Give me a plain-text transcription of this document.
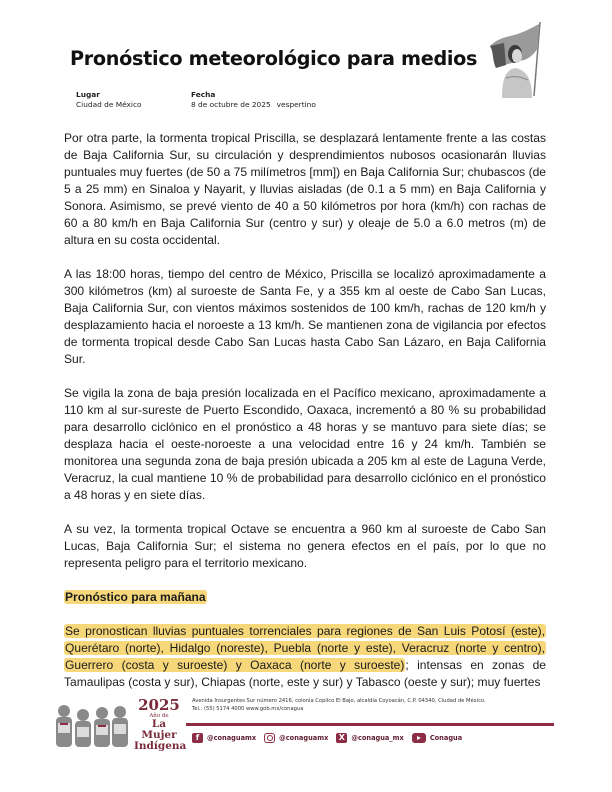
Pronóstico meteorológico para medios
Lugar
Ciudad de México
Fecha
8 de octubre de 2025 vespertino

Por otra parte, la tormenta tropical Priscilla, se desplazará lentamente frente a las costas de Baja California Sur, su circulación y desprendimientos nubosos ocasionarán lluvias puntuales muy fuertes (de 50 a 75 milímetros [mm]) en Baja California Sur; chubascos (de 5 a 25 mm) en Sinaloa y Nayarit, y lluvias aisladas (de 0.1 a 5 mm) en Baja California y Sonora. Asimismo, se prevé viento de 40 a 50 kilómetros por hora (km/h) con rachas de 60 a 80 km/h en Baja California Sur (centro y sur) y oleaje de 5.0 a 6.0 metros (m) de altura en su costa occidental.

A las 18:00 horas, tiempo del centro de México, Priscilla se localizó aproximadamente a 300 kilómetros (km) al suroeste de Santa Fe, y a 355 km al oeste de Cabo San Lucas, Baja California Sur, con vientos máximos sostenidos de 100 km/h, rachas de 120 km/h y desplazamiento hacia el noroeste a 13 km/h. Se mantienen zona de vigilancia por efectos de tormenta tropical desde Cabo San Lucas hasta Cabo San Lázaro, en Baja California Sur.

Se vigila la zona de baja presión localizada en el Pacífico mexicano, aproximadamente a 110 km al sur-sureste de Puerto Escondido, Oaxaca, incrementó a 80 % su probabilidad para desarrollo ciclónico en el pronóstico a 48 horas y se mantuvo para siete días; se desplaza hacia el oeste-noroeste a una velocidad entre 16 y 24 km/h. También se monitorea una segunda zona de baja presión ubicada a 205 km al este de Laguna Verde, Veracruz, la cual mantiene 10 % de probabilidad para desarrollo ciclónico en el pronóstico a 48 horas y en siete días.

A su vez, la tormenta tropical Octave se encuentra a 960 km al suroeste de Cabo San Lucas, Baja California Sur; el sistema no genera efectos en el país, por lo que no representa peligro para el territorio mexicano.

Pronóstico para mañana

Se pronostican lluvias puntuales torrenciales para regiones de San Luis Potosí (este), Querétaro (norte), Hidalgo (noreste), Puebla (norte y este), Veracruz (norte y centro), Guerrero (costa y suroeste) y Oaxaca (norte y suroeste); intensas en zonas de Tamaulipas (costa y sur), Chiapas (norte, este y sur) y Tabasco (oeste y sur); muy fuertes

2025
Año de
La Mujer
Indígena
Avenida Insurgentes Sur número 2416, colonia Copilco El Bajo, alcaldía Coyoacán, C.P. 04340, Ciudad de México.
Tel.: (55) 5174 4000 www.gob.mx/conagua
f	@conaguamx	@conaguamx	X @conagua_mx	Conagua
